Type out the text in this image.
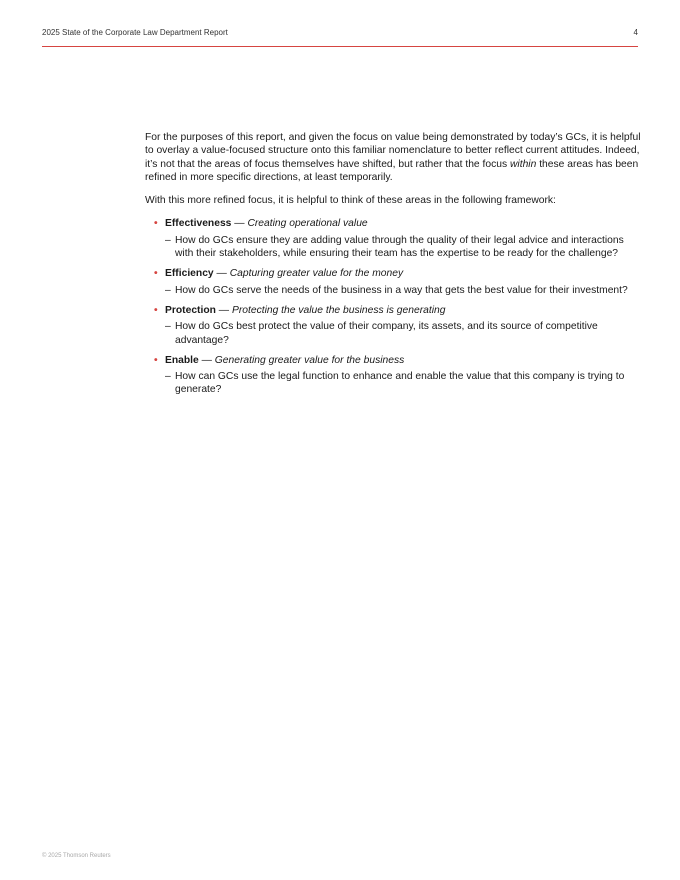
2025 State of the Corporate Law Department Report	4

For the purposes of this report, and given the focus on value being demonstrated by today’s GCs, it is helpful to overlay a value-focused structure onto this familiar nomenclature to better reflect current attitudes. Indeed, it’s not that the areas of focus themselves have shifted, but rather that the focus within these areas has been refined in more specific directions, at least temporarily.

With this more refined focus, it is helpful to think of these areas in the following framework:

• Effectiveness — Creating operational value
– How do GCs ensure they are adding value through the quality of their legal advice and interactions with their stakeholders, while ensuring their team has the expertise to be ready for the challenge?
• Efficiency — Capturing greater value for the money
– How do GCs serve the needs of the business in a way that gets the best value for their investment?
• Protection — Protecting the value the business is generating
– How do GCs best protect the value of their company, its assets, and its source of competitive advantage?
• Enable — Generating greater value for the business
– How can GCs use the legal function to enhance and enable the value that this company is trying to generate?
© 2025 Thomson Reuters
